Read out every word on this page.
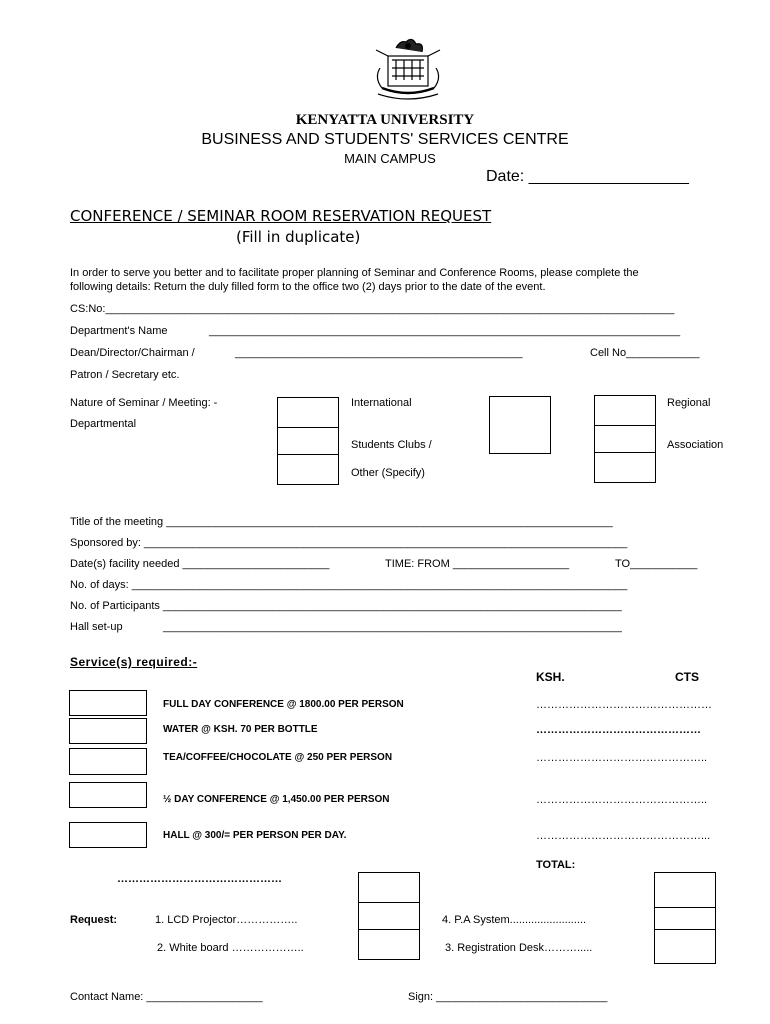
KENYATTA UNIVERSITY
BUSINESS AND STUDENTS' SERVICES CENTRE
MAIN CAMPUS
Date: __________________
CONFERENCE / SEMINAR ROOM RESERVATION REQUEST
(Fill in duplicate)
In order to serve you better and to facilitate proper planning of Seminar and Conference Rooms, please complete the
following details: Return the duly filled form to the office two (2) days prior to the date of the event.
CS:No:_____________________________________________________________________________________________
Department's Name	_____________________________________________________________________________
Dean/Director/Chairman /	_______________________________________________	Cell No____________
Patron / Secretary etc.
Nature of Seminar / Meeting: -
Departmental
International
Students Clubs /
Other (Specify)
Regional
Association
Title of the meeting _________________________________________________________________________
Sponsored by: _______________________________________________________________________________
Date(s) facility needed ________________________	TIME: FROM ___________________	TO___________
No. of days: _________________________________________________________________________________
No. of Participants ___________________________________________________________________________
Hall set-up	___________________________________________________________________________
Service(s) required:-
KSH.	CTS
FULL DAY CONFERENCE @ 1800.00 PER PERSON	…………………………………………
WATER @ KSH. 70 PER BOTTLE	………………………………………
TEA/COFFEE/CHOCOLATE @ 250 PER PERSON	………………………………………..
½ DAY CONFERENCE @ 1,450.00 PER PERSON	………………………………………..
HALL @ 300/= PER PERSON PER DAY.	………………………………………...
TOTAL:
………………………………………
Request:	1. LCD Projector……………..
2. White board ………………..
4. P.A System.........................
3. Registration Desk……….....
Contact Name: ___________________	Sign: ____________________________
